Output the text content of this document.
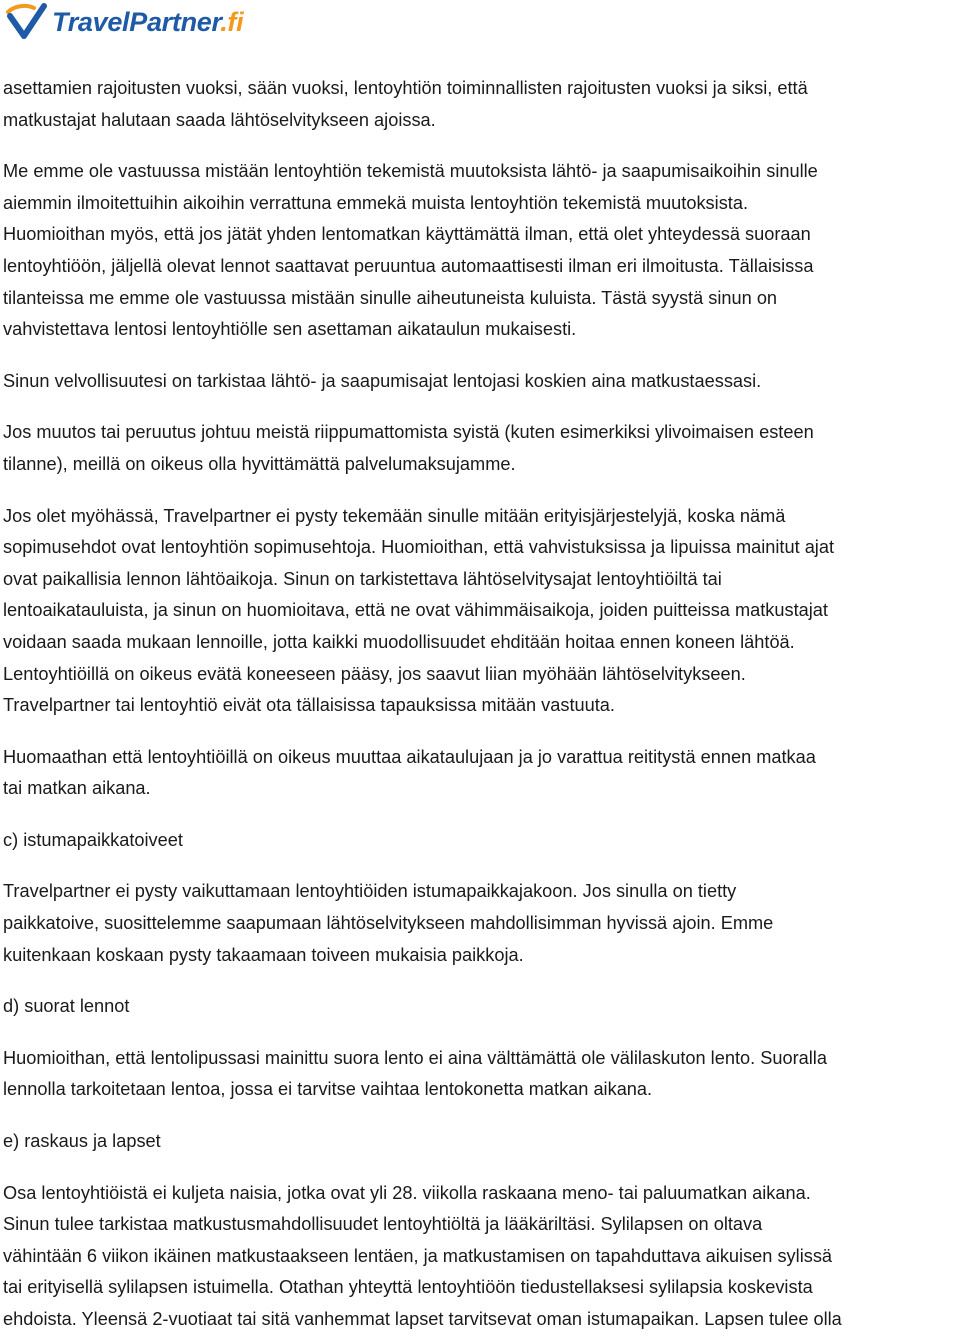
TravelPartner.fi

asettamien rajoitusten vuoksi, sään vuoksi, lentoyhtiön toiminnallisten rajoitusten vuoksi ja siksi, että

matkustajat halutaan saada lähtöselvitykseen ajoissa.

Me emme ole vastuussa mistään lentoyhtiön tekemistä muutoksista lähtö- ja saapumisaikoihin sinulle

aiemmin ilmoitettuihin aikoihin verrattuna emmekä muista lentoyhtiön tekemistä muutoksista.

Huomioithan myös, että jos jätät yhden lentomatkan käyttämättä ilman, että olet yhteydessä suoraan

lentoyhtiöön, jäljellä olevat lennot saattavat peruuntua automaattisesti ilman eri ilmoitusta. Tällaisissa

tilanteissa me emme ole vastuussa mistään sinulle aiheutuneista kuluista. Tästä syystä sinun on

vahvistettava lentosi lentoyhtiölle sen asettaman aikataulun mukaisesti.

Sinun velvollisuutesi on tarkistaa lähtö- ja saapumisajat lentojasi koskien aina matkustaessasi.

Jos muutos tai peruutus johtuu meistä riippumattomista syistä (kuten esimerkiksi ylivoimaisen esteen

tilanne), meillä on oikeus olla hyvittämättä palvelumaksujamme.

Jos olet myöhässä, Travelpartner ei pysty tekemään sinulle mitään erityisjärjestelyjä, koska nämä

sopimusehdot ovat lentoyhtiön sopimusehtoja. Huomioithan, että vahvistuksissa ja lipuissa mainitut ajat

ovat paikallisia lennon lähtöaikoja. Sinun on tarkistettava lähtöselvitysajat lentoyhtiöiltä tai

lentoaikatauluista, ja sinun on huomioitava, että ne ovat vähimmäisaikoja, joiden puitteissa matkustajat

voidaan saada mukaan lennoille, jotta kaikki muodollisuudet ehditään hoitaa ennen koneen lähtöä.

Lentoyhtiöillä on oikeus evätä koneeseen pääsy, jos saavut liian myöhään lähtöselvitykseen.

Travelpartner tai lentoyhtiö eivät ota tällaisissa tapauksissa mitään vastuuta.

Huomaathan että lentoyhtiöillä on oikeus muuttaa aikataulujaan ja jo varattua reititystä ennen matkaa

tai matkan aikana.

c) istumapaikkatoiveet

Travelpartner ei pysty vaikuttamaan lentoyhtiöiden istumapaikkajakoon. Jos sinulla on tietty

paikkatoive, suosittelemme saapumaan lähtöselvitykseen mahdollisimman hyvissä ajoin. Emme

kuitenkaan koskaan pysty takaamaan toiveen mukaisia paikkoja.

d) suorat lennot

Huomioithan, että lentolipussasi mainittu suora lento ei aina välttämättä ole välilaskuton lento. Suoralla

lennolla tarkoitetaan lentoa, jossa ei tarvitse vaihtaa lentokonetta matkan aikana.

e) raskaus ja lapset

Osa lentoyhtiöistä ei kuljeta naisia, jotka ovat yli 28. viikolla raskaana meno- tai paluumatkan aikana.

Sinun tulee tarkistaa matkustusmahdollisuudet lentoyhtiöltä ja lääkäriltäsi. Sylilapsen on oltava

vähintään 6 viikon ikäinen matkustaakseen lentäen, ja matkustamisen on tapahduttava aikuisen sylissä

tai erityisellä sylilapsen istuimella. Otathan yhteyttä lentoyhtiöön tiedustellaksesi sylilapsia koskevista

ehdoista. Yleensä 2-vuotiaat tai sitä vanhemmat lapset tarvitsevat oman istumapaikan. Lapsen tulee olla
